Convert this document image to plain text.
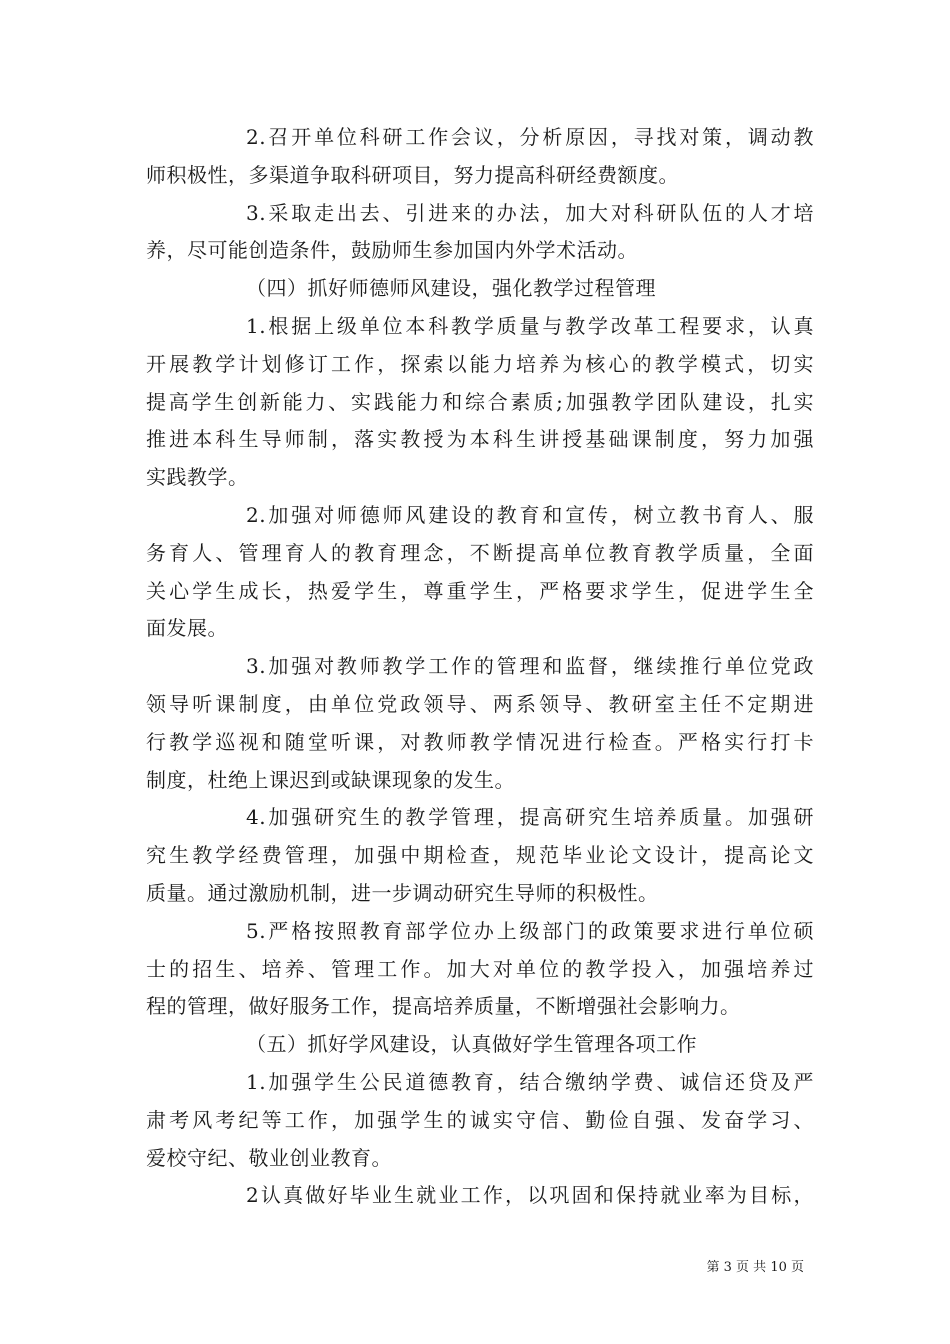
2.召开单位科研工作会议，分析原因，寻找对策，调动教
师积极性，多渠道争取科研项目，努力提高科研经费额度。
3.采取走出去、引进来的办法，加大对科研队伍的人才培
养，尽可能创造条件，鼓励师生参加国内外学术活动。
（四）抓好师德师风建设，强化教学过程管理
1.根据上级单位本科教学质量与教学改革工程要求，认真
开展教学计划修订工作，探索以能力培养为核心的教学模式，切实
提高学生创新能力、实践能力和综合素质;加强教学团队建设，扎实
推进本科生导师制，落实教授为本科生讲授基础课制度，努力加强
实践教学。
2.加强对师德师风建设的教育和宣传，树立教书育人、服
务育人、管理育人的教育理念，不断提高单位教育教学质量，全面
关心学生成长，热爱学生，尊重学生，严格要求学生，促进学生全
面发展。
3.加强对教师教学工作的管理和监督，继续推行单位党政
领导听课制度，由单位党政领导、两系领导、教研室主任不定期进
行教学巡视和随堂听课，对教师教学情况进行检查。严格实行打卡
制度，杜绝上课迟到或缺课现象的发生。
4.加强研究生的教学管理，提高研究生培养质量。加强研
究生教学经费管理，加强中期检查，规范毕业论文设计，提高论文
质量。通过激励机制，进一步调动研究生导师的积极性。
5.严格按照教育部学位办上级部门的政策要求进行单位硕
士的招生、培养、管理工作。加大对单位的教学投入，加强培养过
程的管理，做好服务工作，提高培养质量，不断增强社会影响力。
（五）抓好学风建设，认真做好学生管理各项工作
1.加强学生公民道德教育，结合缴纳学费、诚信还贷及严
肃考风考纪等工作，加强学生的诚实守信、勤俭自强、发奋学习、
爱校守纪、敬业创业教育。
2认真做好毕业生就业工作，以巩固和保持就业率为目标，
第 3 页 共 10 页
